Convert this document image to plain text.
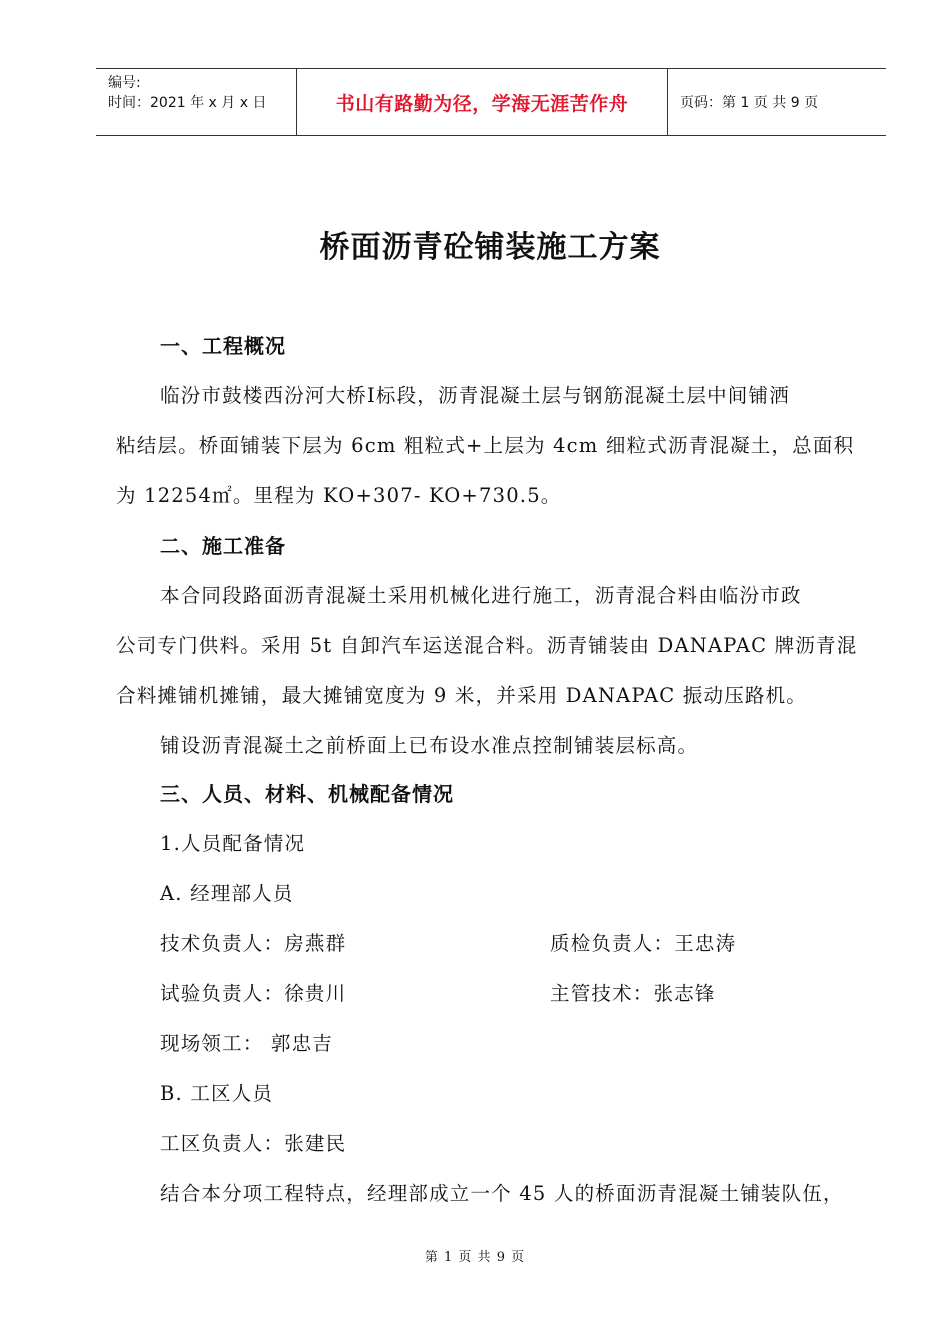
编号:
时间：2021 年 x 月 x 日	书山有路勤为径，学海无涯苦作舟	页码：第 1 页 共 9 页
桥面沥青砼铺装施工方案
一、工程概况
临汾市鼓楼西汾河大桥Ⅰ标段，沥青混凝土层与钢筋混凝土层中间铺洒
粘结层。桥面铺装下层为 6cm 粗粒式+上层为 4cm 细粒式沥青混凝土，总面积
为 12254㎡。里程为 KO+307- KO+730.5。
二、施工准备
本合同段路面沥青混凝土采用机械化进行施工，沥青混合料由临汾市政
公司专门供料。采用 5t 自卸汽车运送混合料。沥青铺装由 DANAPAC 牌沥青混
合料摊铺机摊铺，最大摊铺宽度为 9 米，并采用 DANAPAC 振动压路机。
铺设沥青混凝土之前桥面上已布设水准点控制铺装层标高。
三、人员、材料、机械配备情况
1.人员配备情况
A. 经理部人员
技术负责人：房燕群	质检负责人：王忠涛
试验负责人：徐贵川	主管技术：张志锋
现场领工： 郭忠吉
B. 工区人员
工区负责人：张建民
结合本分项工程特点，经理部成立一个 45 人的桥面沥青混凝土铺装队伍，
第 1 页 共 9 页
